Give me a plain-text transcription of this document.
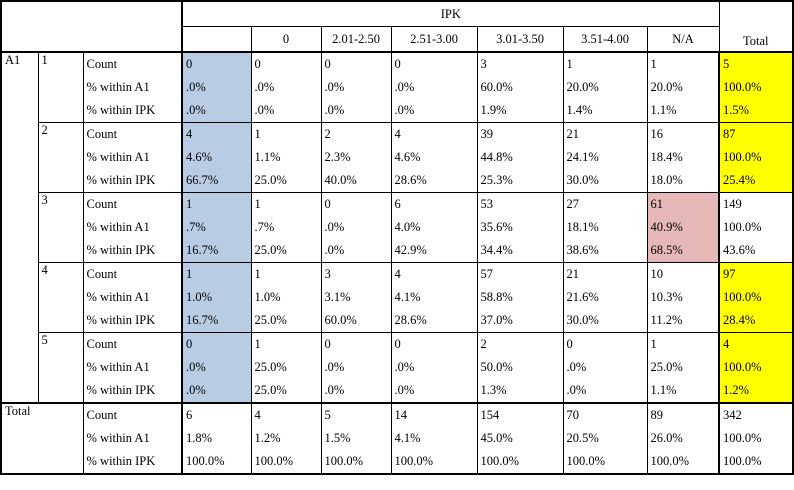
			IPK							Total
				0	2.01-2.50	2.51-3.00	3.01-3.50	3.51-4.00	N/A	
A1	1	Count	0	0	0	0	3	1	1	5
		% within A1	.0%	.0%	.0%	.0%	60.0%	20.0%	20.0%	100.0%
		% within IPK	.0%	.0%	.0%	.0%	1.9%	1.4%	1.1%	1.5%
	2	Count	4	1	2	4	39	21	16	87
		% within A1	4.6%	1.1%	2.3%	4.6%	44.8%	24.1%	18.4%	100.0%
		% within IPK	66.7%	25.0%	40.0%	28.6%	25.3%	30.0%	18.0%	25.4%
	3	Count	1	1	0	6	53	27	61	149
		% within A1	.7%	.7%	.0%	4.0%	35.6%	18.1%	40.9%	100.0%
		% within IPK	16.7%	25.0%	.0%	42.9%	34.4%	38.6%	68.5%	43.6%
	4	Count	1	1	3	4	57	21	10	97
		% within A1	1.0%	1.0%	3.1%	4.1%	58.8%	21.6%	10.3%	100.0%
		% within IPK	16.7%	25.0%	60.0%	28.6%	37.0%	30.0%	11.2%	28.4%
	5	Count	0	1	0	0	2	0	1	4
		% within A1	.0%	25.0%	.0%	.0%	50.0%	.0%	25.0%	100.0%
		% within IPK	.0%	25.0%	.0%	.0%	1.3%	.0%	1.1%	1.2%
Total		Count	6	4	5	14	154	70	89	342
		% within A1	1.8%	1.2%	1.5%	4.1%	45.0%	20.5%	26.0%	100.0%
		% within IPK	100.0%	100.0%	100.0%	100.0%	100.0%	100.0%	100.0%	100.0%
